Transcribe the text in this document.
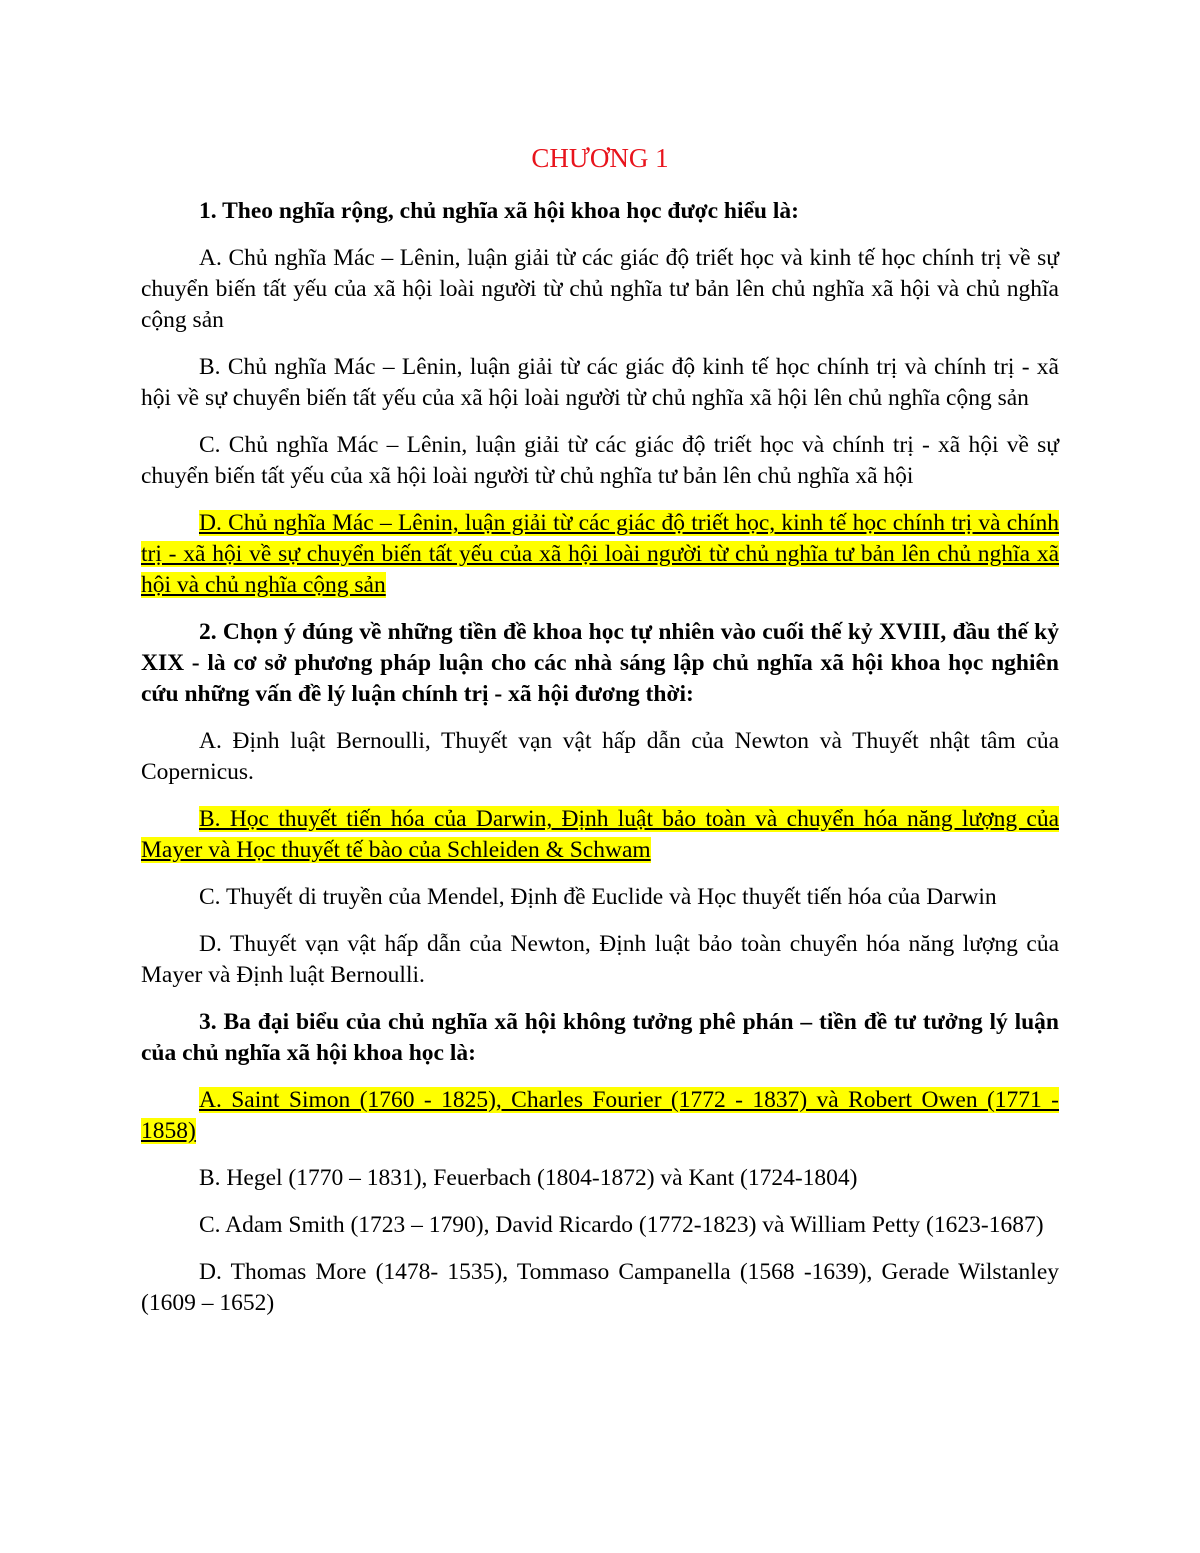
CHƯƠNG 1

1. Theo nghĩa rộng, chủ nghĩa xã hội khoa học được hiểu là:

A. Chủ nghĩa Mác – Lênin, luận giải từ các giác độ triết học và kinh tế học chính trị về sự chuyển biến tất yếu của xã hội loài người từ chủ nghĩa tư bản lên chủ nghĩa xã hội và chủ nghĩa cộng sản

B. Chủ nghĩa Mác – Lênin, luận giải từ các giác độ kinh tế học chính trị và chính trị - xã hội về sự chuyển biến tất yếu của xã hội loài người từ chủ nghĩa xã hội lên chủ nghĩa cộng sản

C. Chủ nghĩa Mác – Lênin, luận giải từ các giác độ triết học và chính trị - xã hội về sự chuyển biến tất yếu của xã hội loài người từ chủ nghĩa tư bản lên chủ nghĩa xã hội

D. Chủ nghĩa Mác – Lênin, luận giải từ các giác độ triết học, kinh tế học chính trị và chính trị - xã hội về sự chuyển biến tất yếu của xã hội loài người từ chủ nghĩa tư bản lên chủ nghĩa xã hội và chủ nghĩa cộng sản

2. Chọn ý đúng về những tiền đề khoa học tự nhiên vào cuối thế kỷ XVIII, đầu thế kỷ XIX - là cơ sở phương pháp luận cho các nhà sáng lập chủ nghĩa xã hội khoa học nghiên cứu những vấn đề lý luận chính trị - xã hội đương thời:

A. Định luật Bernoulli, Thuyết vạn vật hấp dẫn của Newton và Thuyết nhật tâm của Copernicus.

B. Học thuyết tiến hóa của Darwin, Định luật bảo toàn và chuyển hóa năng lượng của Mayer và Học thuyết tế bào của Schleiden & Schwam

C. Thuyết di truyền của Mendel, Định đề Euclide và Học thuyết tiến hóa của Darwin

D. Thuyết vạn vật hấp dẫn của Newton, Định luật bảo toàn chuyển hóa năng lượng của Mayer và Định luật Bernoulli.

3. Ba đại biểu của chủ nghĩa xã hội không tưởng phê phán – tiền đề tư tưởng lý luận của chủ nghĩa xã hội khoa học là:

A. Saint Simon (1760 - 1825), Charles Fourier (1772 - 1837) và Robert Owen (1771 - 1858)

B. Hegel (1770 – 1831), Feuerbach (1804-1872) và Kant (1724-1804)

C. Adam Smith (1723 – 1790), David Ricardo (1772-1823) và William Petty (1623-1687)

D. Thomas More (1478- 1535), Tommaso Campanella (1568 -1639), Gerade Wilstanley (1609 – 1652)
